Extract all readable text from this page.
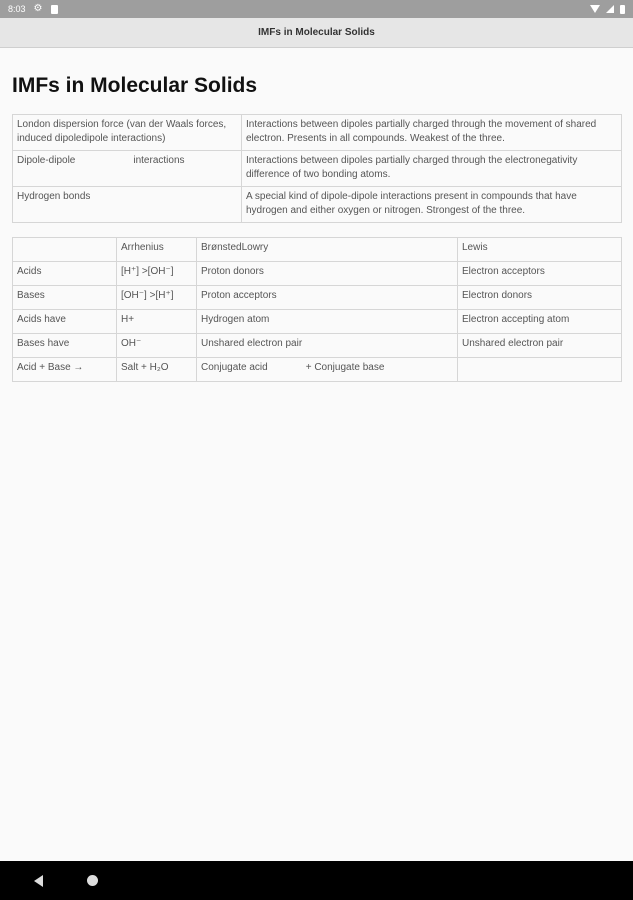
8:03 ⚙
IMFs in Molecular Solids
IMFs in Molecular Solids
London dispersion force (van der Waals forces, induced dipoledipole interactions)	Interactions between dipoles partially charged through the movement of shared electron. Presents in all compounds. Weakest of the three.
Dipole-dipole interactions	Interactions between dipoles partially charged through the electronegativity difference of two bonding atoms.
Hydrogen bonds	A special kind of dipole-dipole interactions present in compounds that have hydrogen and either oxygen or nitrogen. Strongest of the three.
	Arrhenius	BrønstedLowry	Lewis
Acids	[H⁺] >[OH⁻]	Proton donors	Electron acceptors
Bases	[OH⁻] >[H⁺]	Proton acceptors	Electron donors
Acids have	H+	Hydrogen atom	Electron accepting atom
Bases have	OH⁻	Unshared electron pair	Unshared electron pair
Acid + Base →	Salt + H₂O	Conjugate acid + Conjugate base	
